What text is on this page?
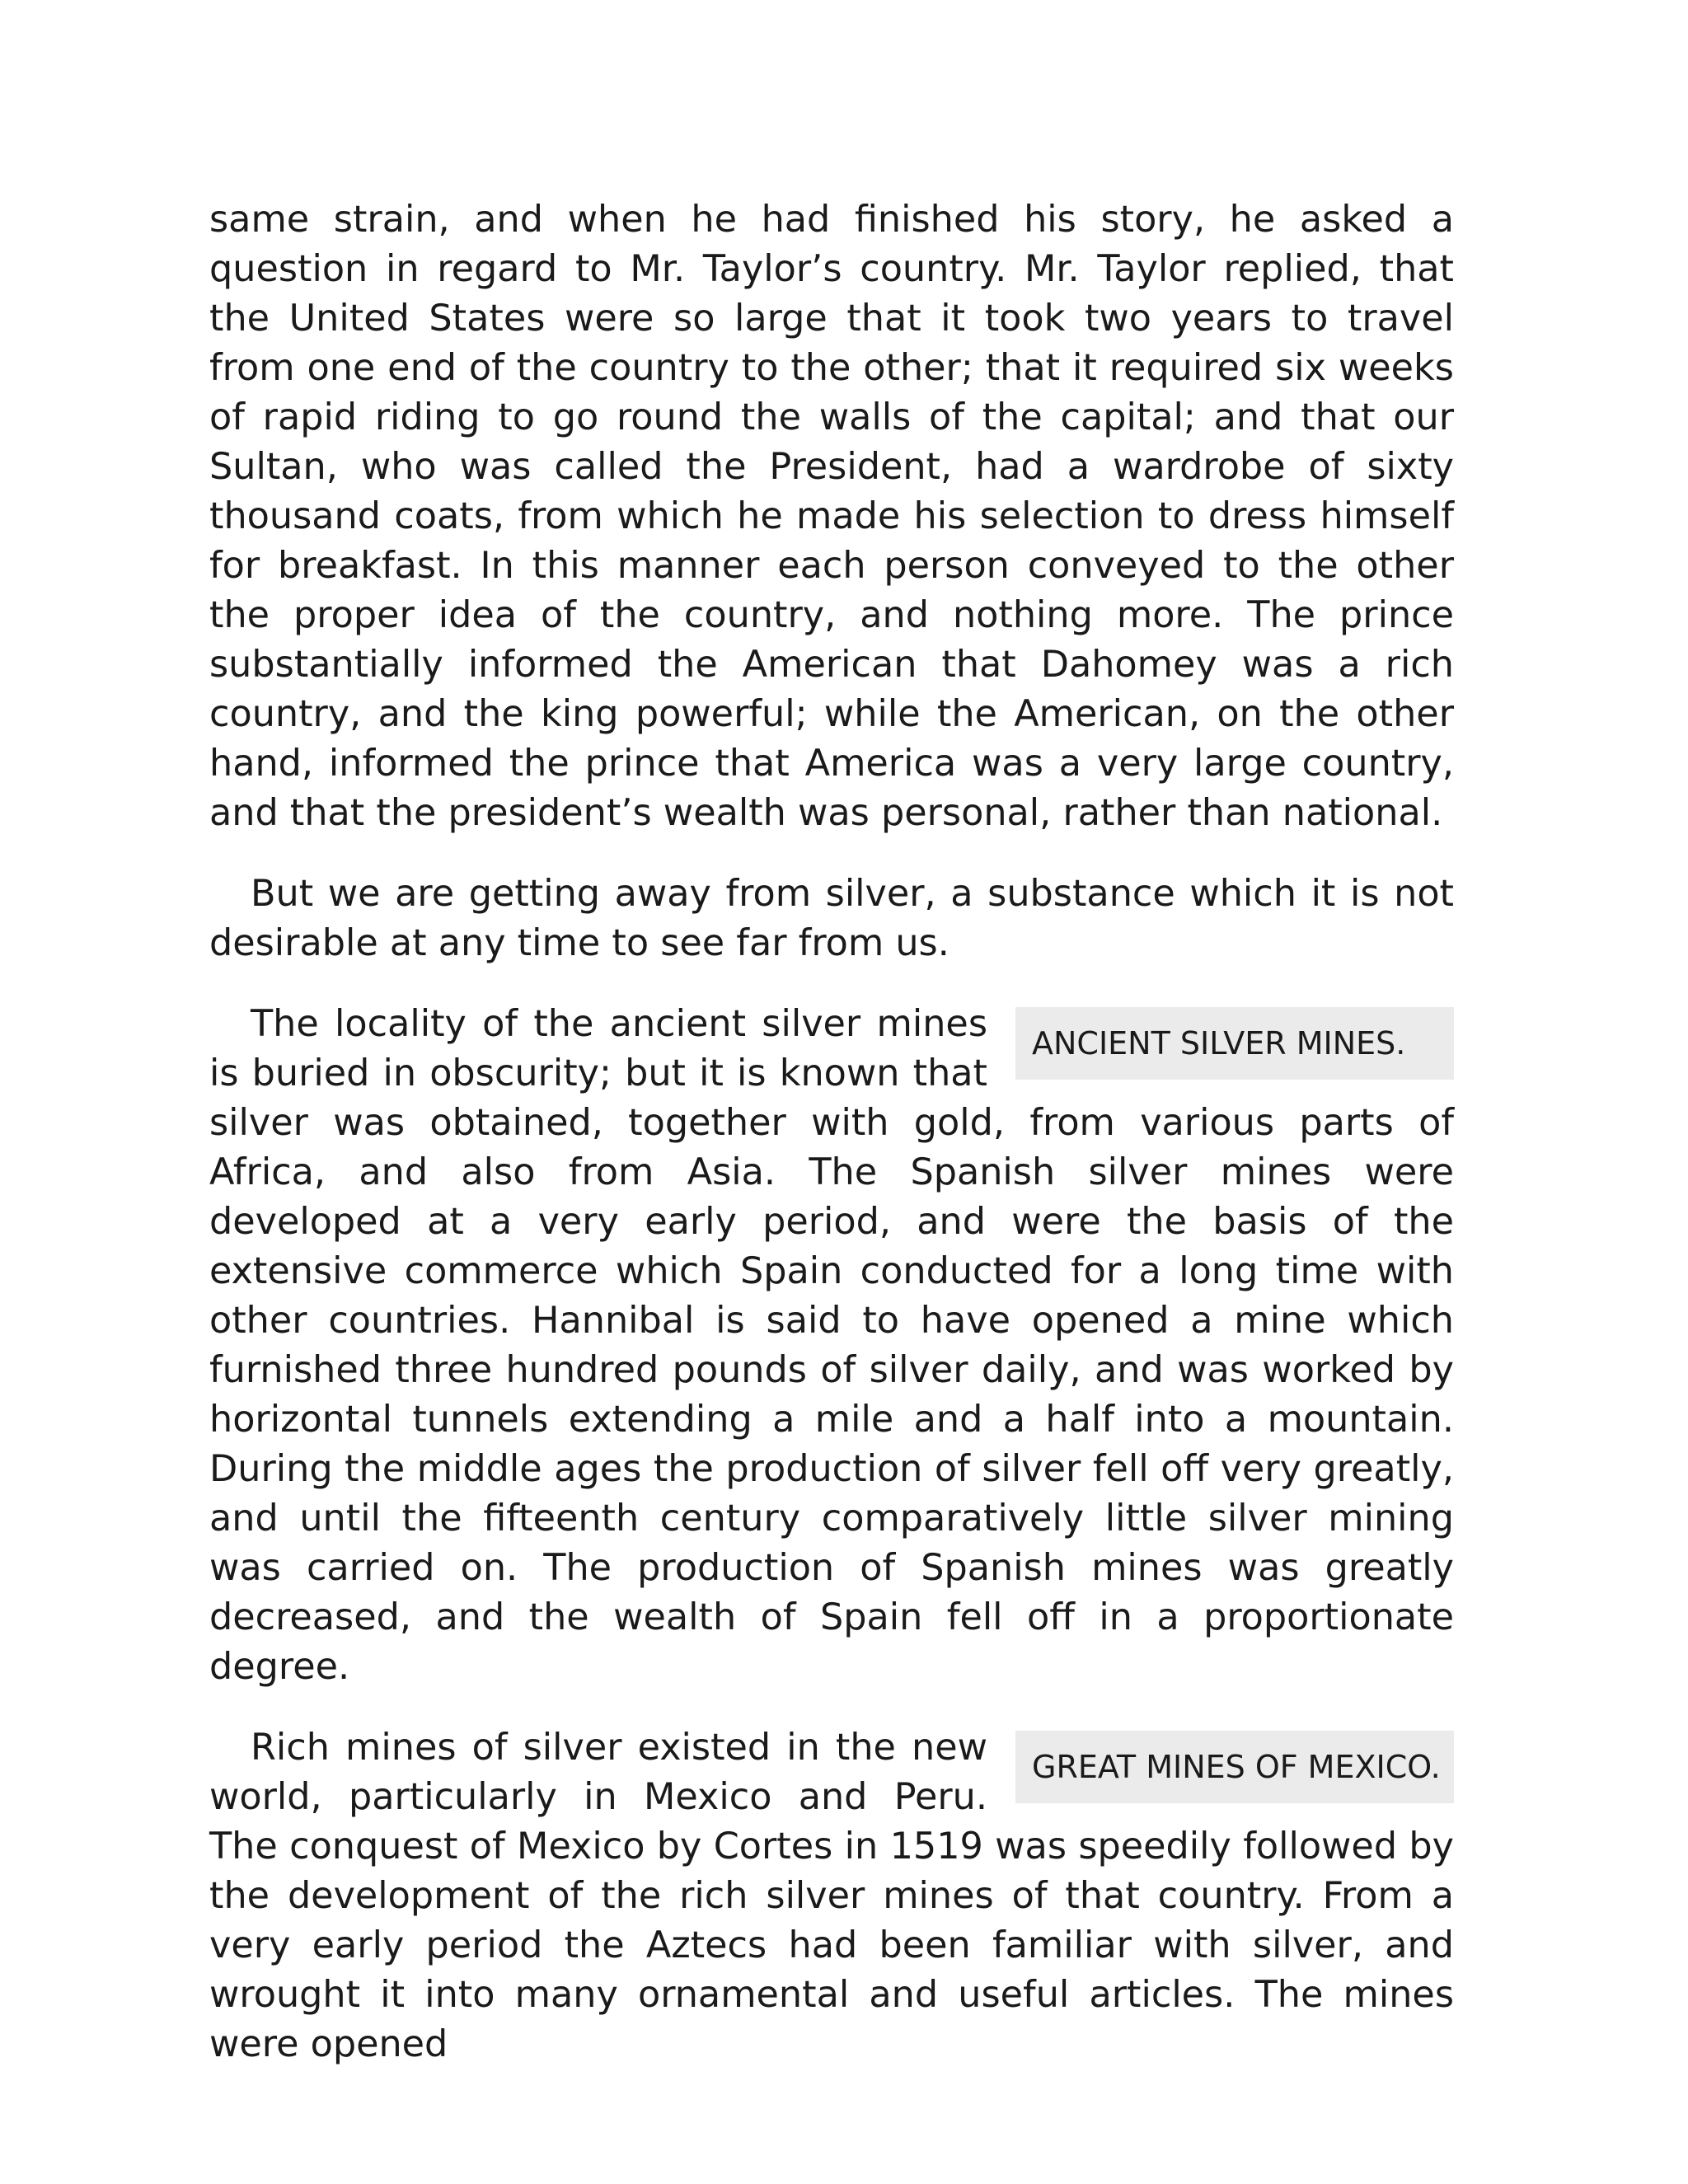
same strain, and when he had finished his story, he asked a question in regard to Mr. Taylor’s country. Mr. Taylor replied, that the United States were so large that it took two years to travel from one end of the country to the other; that it required six weeks of rapid riding to go round the walls of the capital; and that our Sultan, who was called the President, had a wardrobe of sixty thousand coats, from which he made his selection to dress himself for breakfast. In this manner each person conveyed to the other the proper idea of the country, and nothing more. The prince substantially informed the American that Dahomey was a rich country, and the king powerful; while the American, on the other hand, informed the prince that America was a very large country, and that the president’s wealth was personal, rather than national.

But we are getting away from silver, a substance which it is not desirable at any time to see far from us.

ANCIENT SILVER MINES.
The locality of the ancient silver mines is buried in obscurity; but it is known that silver was obtained, together with gold, from various parts of Africa, and also from Asia. The Spanish silver mines were developed at a very early period, and were the basis of the extensive commerce which Spain conducted for a long time with other countries. Hannibal is said to have opened a mine which furnished three hundred pounds of silver daily, and was worked by horizontal tunnels extending a mile and a half into a mountain. During the middle ages the production of silver fell off very greatly, and until the fifteenth century comparatively little silver mining was carried on. The production of Spanish mines was greatly decreased, and the wealth of Spain fell off in a proportionate degree.

GREAT MINES OF MEXICO.
Rich mines of silver existed in the new world, particularly in Mexico and Peru. The conquest of Mexico by Cortes in 1519 was speedily followed by the development of the rich silver mines of that country. From a very early period the Aztecs had been familiar with silver, and wrought it into many ornamental and useful articles. The mines were opened
